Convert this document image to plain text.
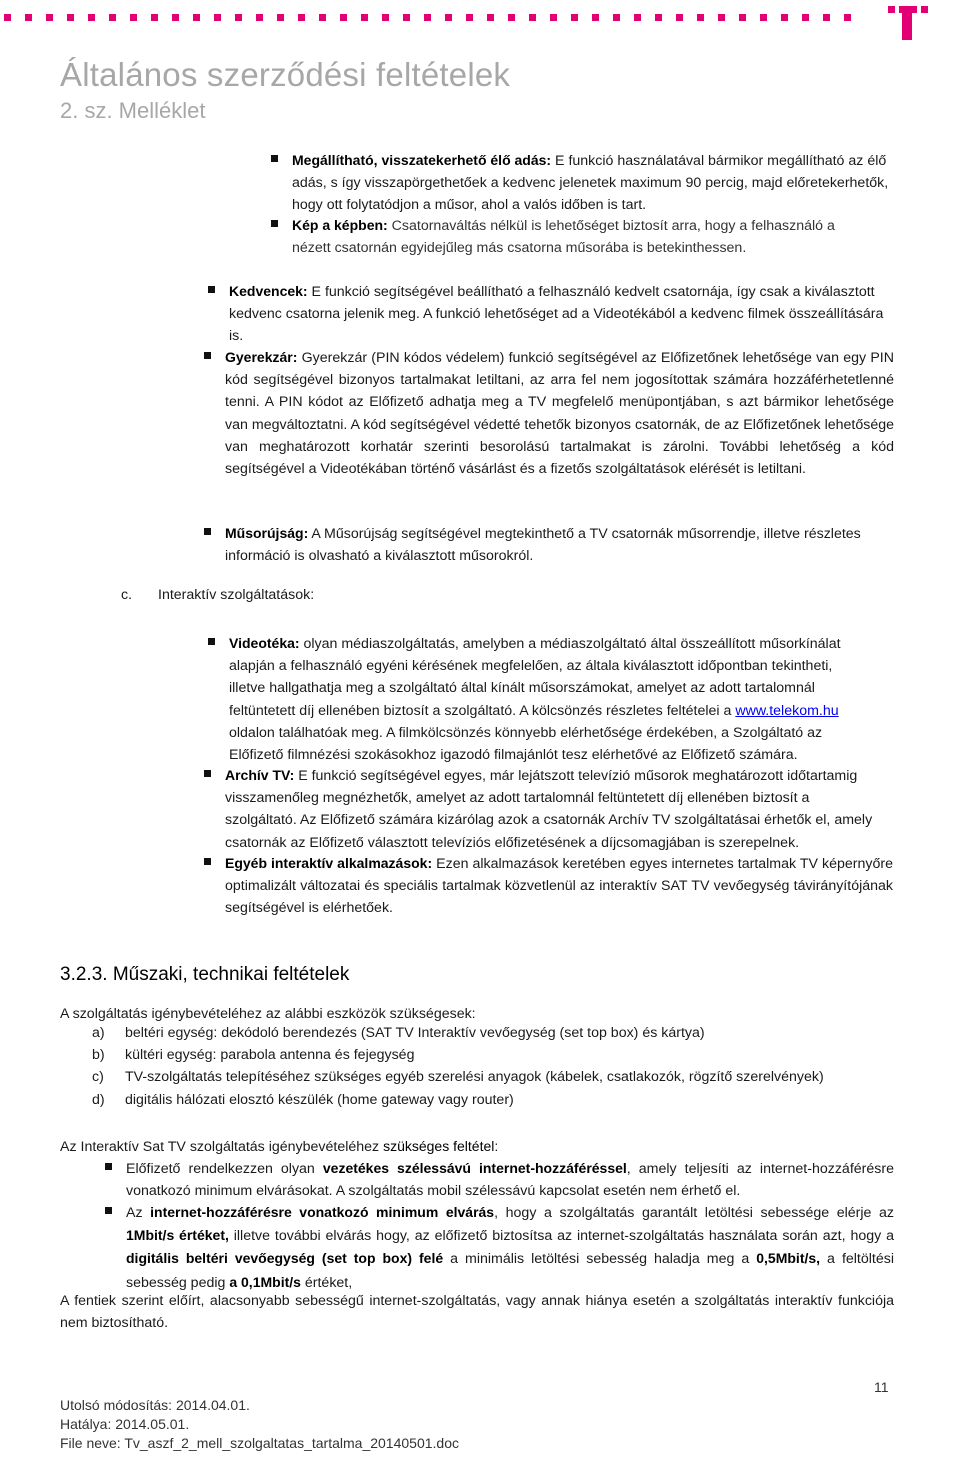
Általános szerződési feltételek
2. sz. Melléklet

Megállítható, visszatekerhető élő adás: E funkció használatával bármikor megállítható az élő adás, s így visszapörgethetőek a kedvenc jelenetek maximum 90 percig, majd előretekerhetők, hogy ott folytatódjon a műsor, ahol a valós időben is tart.

Kép a képben: Csatornaváltás nélkül is lehetőséget biztosít arra, hogy a felhasználó a nézett csatornán egyidejűleg más csatorna műsorába is betekinthessen.

Kedvencek: E funkció segítségével beállítható a felhasználó kedvelt csatornája, így csak a kiválasztott kedvenc csatorna jelenik meg. A funkció lehetőséget ad a Videotékából a kedvenc filmek összeállítására is.

Gyerekzár: Gyerekzár (PIN kódos védelem) funkció segítségével az Előfizetőnek lehetősége van egy PIN kód segítségével bizonyos tartalmakat letiltani, az arra fel nem jogosítottak számára hozzáférhetetlenné tenni. A PIN kódot az Előfizető adhatja meg a TV megfelelő menüpontjában, s azt bármikor lehetősége van megváltoztatni. A kód segítségével védetté tehetők bizonyos csatornák, de az Előfizetőnek lehetősége van meghatározott korhatár szerinti besorolású tartalmakat is zárolni. További lehetőség a kód segítségével a Videotékában történő vásárlást és a fizetős szolgáltatások elérését is letiltani.

Műsorújság: A Műsorújság segítségével megtekinthető a TV csatornák műsorrendje, illetve részletes információ is olvasható a kiválasztott műsorokról.

c. Interaktív szolgáltatások:

Videotéka: olyan médiaszolgáltatás, amelyben a médiaszolgáltató által összeállított műsorkínálat alapján a felhasználó egyéni kérésének megfelelően, az általa kiválasztott időpontban tekintheti, illetve hallgathatja meg a szolgáltató által kínált műsorszámokat, amelyet az adott tartalomnál feltüntetett díj ellenében biztosít a szolgáltató. A kölcsönzés részletes feltételei a www.telekom.hu oldalon találhatóak meg. A filmkölcsönzés könnyebb elérhetősége érdekében, a Szolgáltató az Előfizető filmnézési szokásokhoz igazodó filmajánlót tesz elérhetővé az Előfizető számára.

Archív TV: E funkció segítségével egyes, már lejátszott televízió műsorok meghatározott időtartamig visszamenőleg megnézhetők, amelyet az adott tartalomnál feltüntetett díj ellenében biztosít a szolgáltató. Az Előfizető számára kizárólag azok a csatornák Archív TV szolgáltatásai érhetők el, amely csatornák az Előfizető választott televíziós előfizetésének a díjcsomagjában is szerepelnek.

Egyéb interaktív alkalmazások: Ezen alkalmazások keretében egyes internetes tartalmak TV képernyőre optimalizált változatai és speciális tartalmak közvetlenül az interaktív SAT TV vevőegység távirányítójának segítségével is elérhetőek.

3.2.3. Műszaki, technikai feltételek
A szolgáltatás igénybevételéhez az alábbi eszközök szükségesek:
a) beltéri egység: dekódoló berendezés (SAT TV Interaktív vevőegység (set top box) és kártya)
b) kültéri egység: parabola antenna és fejegység
c) TV-szolgáltatás telepítéséhez szükséges egyéb szerelési anyagok (kábelek, csatlakozók, rögzítő szerelvények)
d) digitális hálózati elosztó készülék (home gateway vagy router)
Az Interaktív Sat TV szolgáltatás igénybevételéhez szükséges feltétel:

Előfizető rendelkezzen olyan vezetékes szélessávú internet-hozzáféréssel, amely teljesíti az internet-hozzáférésre vonatkozó minimum elvárásokat. A szolgáltatás mobil szélessávú kapcsolat esetén nem érhető el.

Az internet-hozzáférésre vonatkozó minimum elvárás, hogy a szolgáltatás garantált letöltési sebessége elérje az 1Mbit/s értéket, illetve további elvárás hogy, az előfizető biztosítsa az internet-szolgáltatás használata során azt, hogy a digitális beltéri vevőegység (set top box) felé a minimális letöltési sebesség haladja meg a 0,5Mbit/s, a feltöltési sebesség pedig a 0,1Mbit/s értéket,

A fentiek szerint előírt, alacsonyabb sebességű internet-szolgáltatás, vagy annak hiánya esetén a szolgáltatás interaktív funkciója nem biztosítható.

11
Utolsó módosítás: 2014.04.01.
Hatálya: 2014.05.01.
File neve: Tv_aszf_2_mell_szolgaltatas_tartalma_20140501.doc
